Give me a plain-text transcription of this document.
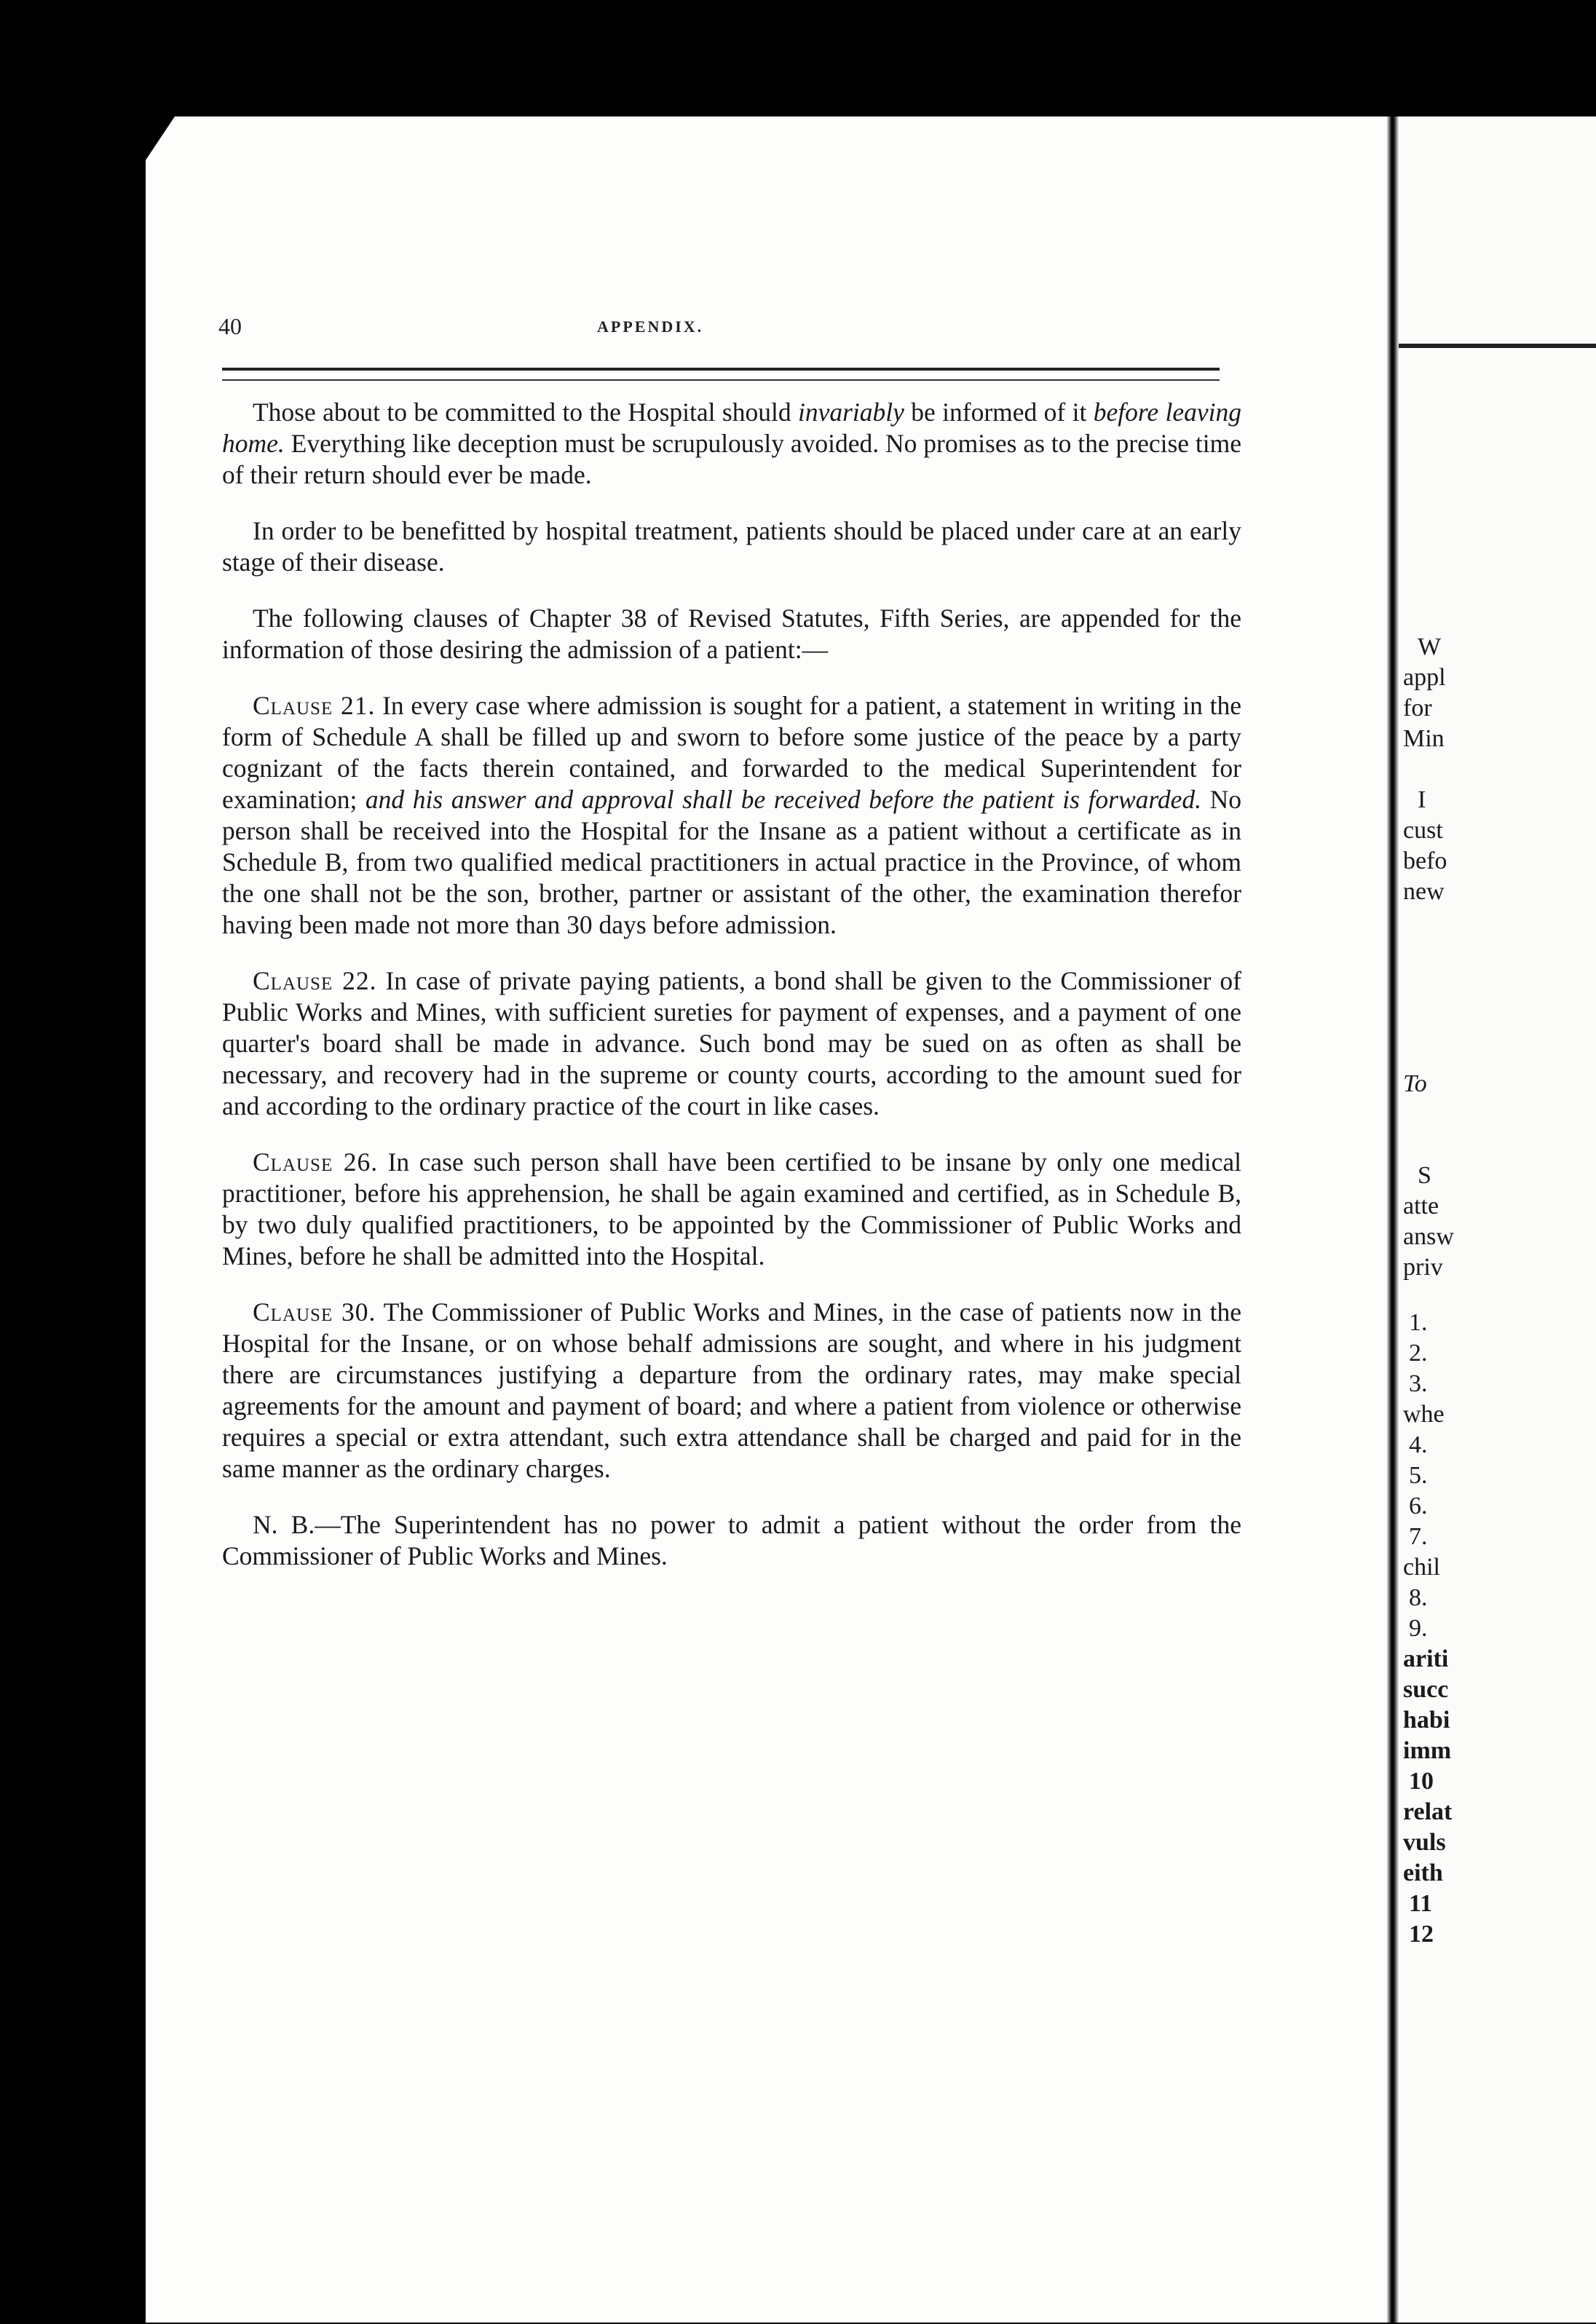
W
appl
for
Min
I
cust
befo
new
To
S
atte
answ
priv
1.
2.
3.
whe
4.
5.
6.
7.
chil
8.
9.
ariti
succ
habi
imm
10
relat
vuls
eith
11
12
40	APPENDIX.

Those about to be committed to the Hospital should invariably be informed of it before leaving home. Everything like deception must be scrupulously avoided. No promises as to the precise time of their return should ever be made.

In order to be benefitted by hospital treatment, patients should be placed under care at an early stage of their disease.

The following clauses of Chapter 38 of Revised Statutes, Fifth Series, are appended for the information of those desiring the admission of a patient:—

Clause 21. In every case where admission is sought for a patient, a statement in writing in the form of Schedule A shall be filled up and sworn to before some justice of the peace by a party cognizant of the facts therein contained, and forwarded to the medical Superintendent for examination; and his answer and approval shall be received before the patient is forwarded. No person shall be received into the Hospital for the Insane as a patient without a certificate as in Schedule B, from two qualified medical practitioners in actual practice in the Province, of whom the one shall not be the son, brother, partner or assistant of the other, the examination therefor having been made not more than 30 days before admission.

Clause 22. In case of private paying patients, a bond shall be given to the Commissioner of Public Works and Mines, with sufficient sureties for payment of expenses, and a payment of one quarter's board shall be made in advance. Such bond may be sued on as often as shall be necessary, and recovery had in the supreme or county courts, according to the amount sued for and according to the ordinary practice of the court in like cases.

Clause 26. In case such person shall have been certified to be insane by only one medical practitioner, before his apprehension, he shall be again examined and certified, as in Schedule B, by two duly qualified practitioners, to be appointed by the Commissioner of Public Works and Mines, before he shall be admitted into the Hospital.

Clause 30. The Commissioner of Public Works and Mines, in the case of patients now in the Hospital for the Insane, or on whose behalf admissions are sought, and where in his judgment there are circumstances justifying a departure from the ordinary rates, may make special agreements for the amount and payment of board; and where a patient from violence or otherwise requires a special or extra attendant, such extra attendance shall be charged and paid for in the same manner as the ordinary charges.

N. B.—The Superintendent has no power to admit a patient without the order from the Commissioner of Public Works and Mines.
